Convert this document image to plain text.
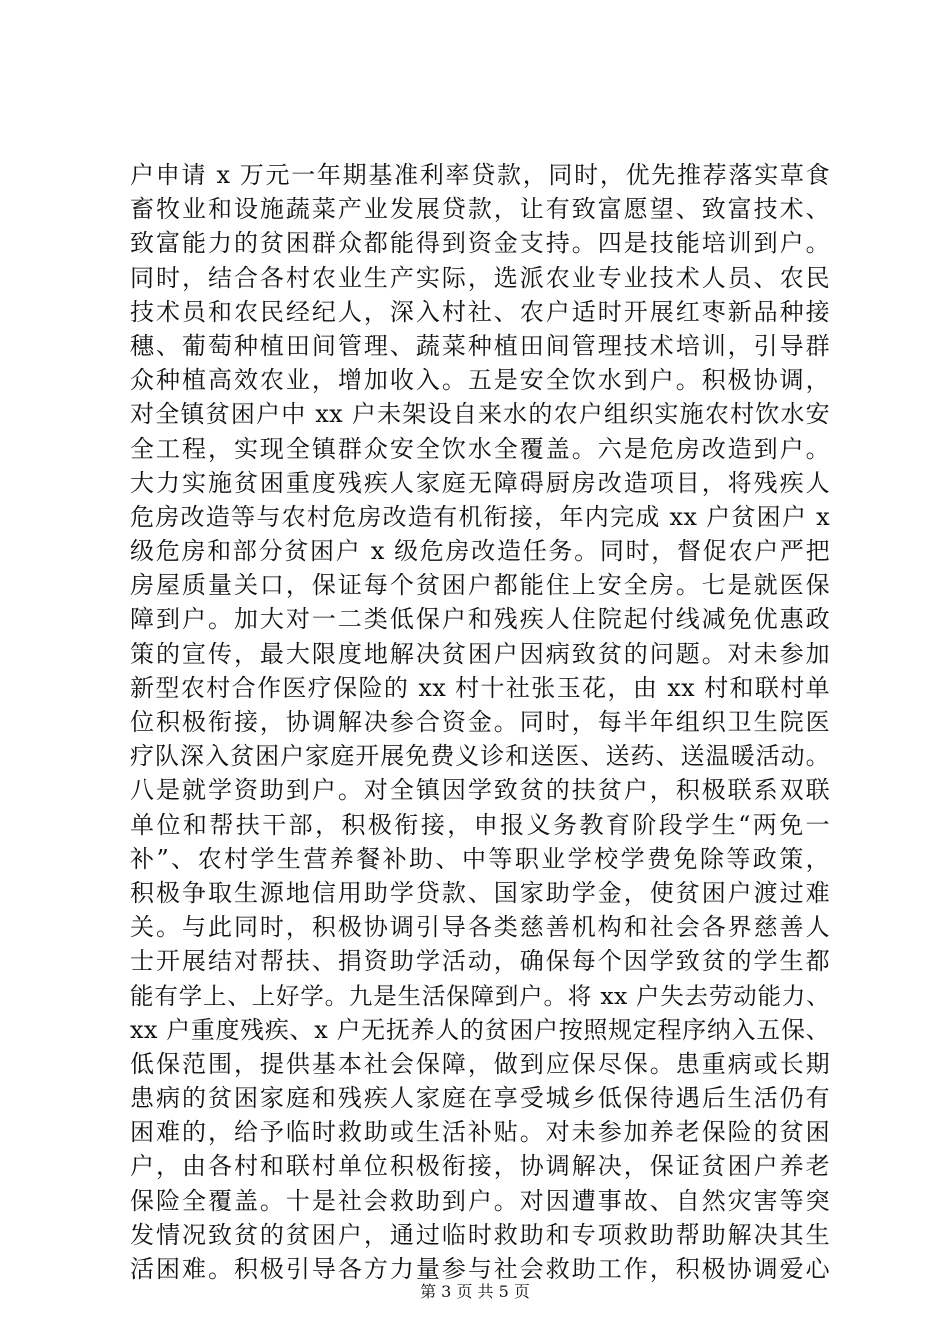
户申请 x 万元一年期基准利率贷款，同时，优先推荐落实草食
畜牧业和设施蔬菜产业发展贷款，让有致富愿望、致富技术、
致富能力的贫困群众都能得到资金支持。四是技能培训到户。
同时，结合各村农业生产实际，选派农业专业技术人员、农民
技术员和农民经纪人，深入村社、农户适时开展红枣新品种接
穗、葡萄种植田间管理、蔬菜种植田间管理技术培训，引导群
众种植高效农业，增加收入。五是安全饮水到户。积极协调，
对全镇贫困户中 xx 户未架设自来水的农户组织实施农村饮水安
全工程，实现全镇群众安全饮水全覆盖。六是危房改造到户。
大力实施贫困重度残疾人家庭无障碍厨房改造项目，将残疾人
危房改造等与农村危房改造有机衔接，年内完成 xx 户贫困户 x
级危房和部分贫困户 x 级危房改造任务。同时，督促农户严把
房屋质量关口，保证每个贫困户都能住上安全房。七是就医保
障到户。加大对一二类低保户和残疾人住院起付线减免优惠政
策的宣传，最大限度地解决贫困户因病致贫的问题。对未参加
新型农村合作医疗保险的 xx 村十社张玉花，由 xx 村和联村单
位积极衔接，协调解决参合资金。同时，每半年组织卫生院医
疗队深入贫困户家庭开展免费义诊和送医、送药、送温暖活动。
八是就学资助到户。对全镇因学致贫的扶贫户，积极联系双联
单位和帮扶干部，积极衔接，申报义务教育阶段学生“两免一
补”、农村学生营养餐补助、中等职业学校学费免除等政策，
积极争取生源地信用助学贷款、国家助学金，使贫困户渡过难
关。与此同时，积极协调引导各类慈善机构和社会各界慈善人
士开展结对帮扶、捐资助学活动，确保每个因学致贫的学生都
能有学上、上好学。九是生活保障到户。将 xx 户失去劳动能力、
xx 户重度残疾、x 户无抚养人的贫困户按照规定程序纳入五保、
低保范围，提供基本社会保障，做到应保尽保。患重病或长期
患病的贫困家庭和残疾人家庭在享受城乡低保待遇后生活仍有
困难的，给予临时救助或生活补贴。对未参加养老保险的贫困
户，由各村和联村单位积极衔接，协调解决，保证贫困户养老
保险全覆盖。十是社会救助到户。对因遭事故、自然灾害等突
发情况致贫的贫困户，通过临时救助和专项救助帮助解决其生
活困难。积极引导各方力量参与社会救助工作，积极协调爱心
第 3 页 共 5 页
